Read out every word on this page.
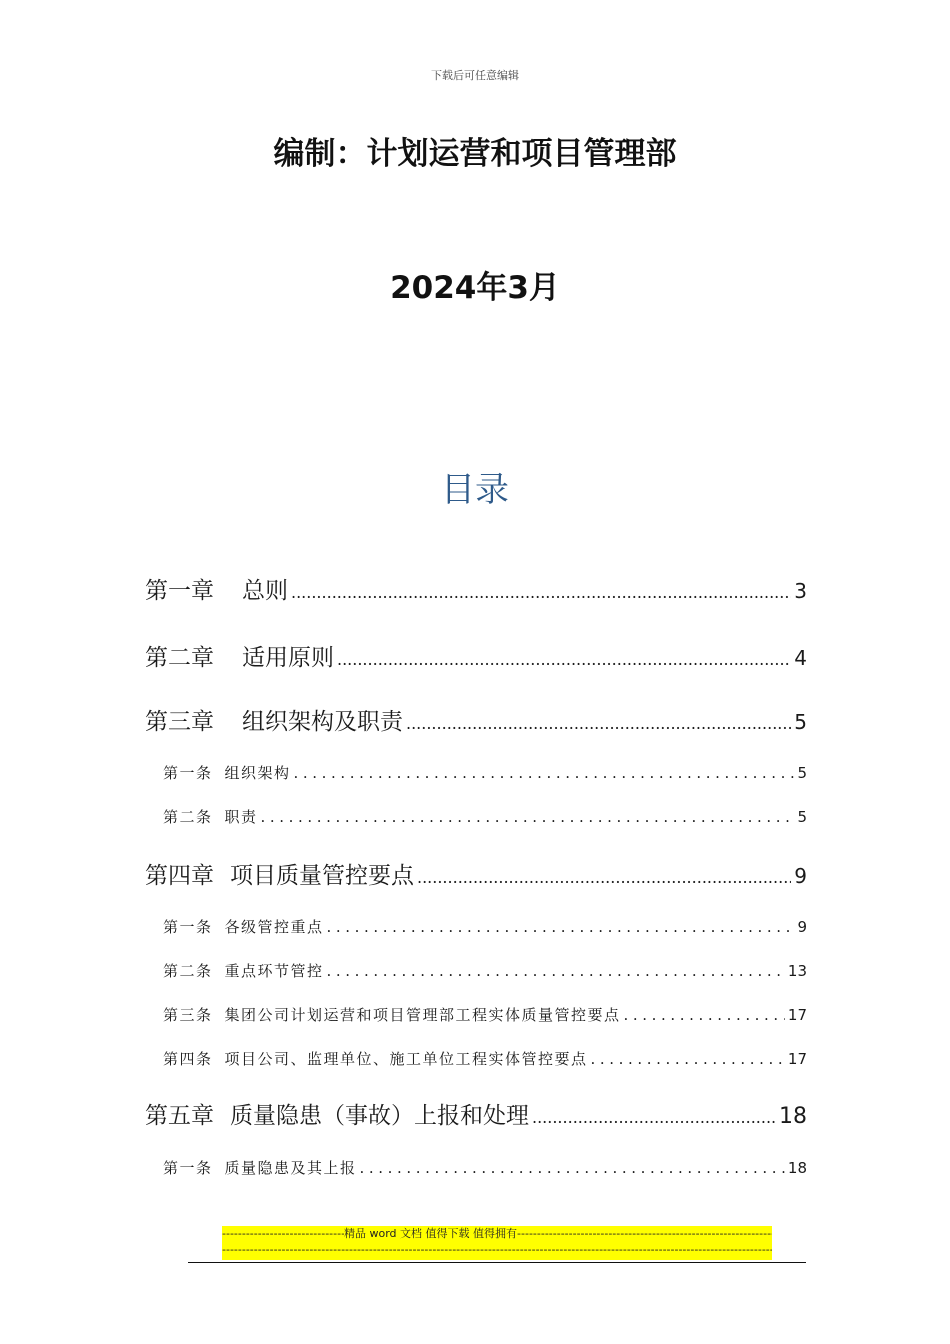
下载后可任意编辑
编制：计划运营和项目管理部
2024年3月
目录
第一章 总则 .....	3
第二章 适用原则 .....	4
第三章 组织架构及职责 .....	5
第一条 组织架构 .....	5
第二条 职责 .....	5
第四章 项目质量管控要点 .....	9
第一条 各级管控重点 .....	9
第二条 重点环节管控 .....	13
第三条 集团公司计划运营和项目管理部工程实体质量管控要点 .....	17
第四条 项目公司、监理单位、施工单位工程实体管控要点 .....	17
第五章 质量隐患（事故）上报和处理 .....	18
第一条 质量隐患及其上报 .....	18
-----
精品 word 文档 值得下载 值得拥有
-----
-----
